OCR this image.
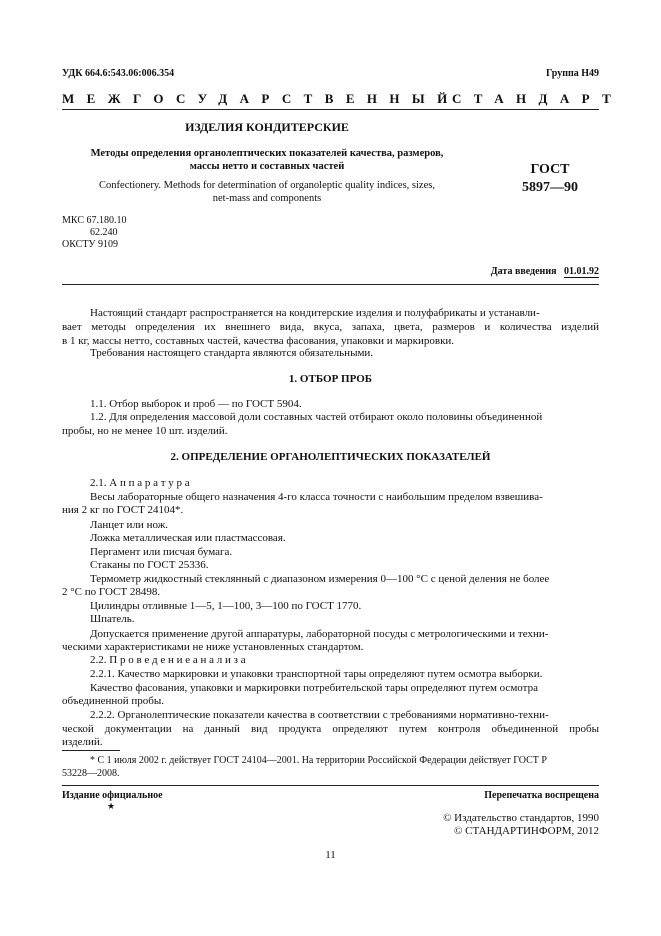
УДК 664.6:543.06:006.354	Группа Н49
МЕЖГОСУДАРСТВЕННЫЙ
СТАНДАРТ
ИЗДЕЛИЯ КОНДИТЕРСКИЕ
Методы определения органолептических показателей качества, размеров,
массы нетто и составных частей
Confectionery. Methods for determination of organoleptic quality indices, sizes,
net-mass and components
ГОСТ
5897—90
МКС 67.180.10
62.240
ОКСТУ 9109
Дата введения 01.01.92
Настоящий стандарт распространяется на кондитерские изделия и полуфабрикаты и устанавли-
вает методы определения их внешнего вида, вкуса, запаха, цвета, размеров и количества изделий
в 1 кг, массы нетто, составных частей, качества фасования, упаковки и маркировки.
Требования настоящего стандарта являются обязательными.
1. ОТБОР ПРОБ
1.1. Отбор выборок и проб — по ГОСТ 5904.
1.2. Для определения массовой доли составных частей отбирают около половины объединенной
пробы, но не менее 10 шт. изделий.
2. ОПРЕДЕЛЕНИЕ ОРГАНОЛЕПТИЧЕСКИХ ПОКАЗАТЕЛЕЙ
2.1. А п п а р а т у р а
Весы лабораторные общего назначения 4-го класса точности с наибольшим пределом взвешива-
ния 2 кг по ГОСТ 24104*.
Ланцет или нож.
Ложка металлическая или пластмассовая.
Пергамент или писчая бумага.
Стаканы по ГОСТ 25336.
Термометр жидкостный стеклянный с диапазоном измерения 0—100 °С с ценой деления не более
2 °С по ГОСТ 28498.
Цилиндры отливные 1—5, 1—100, 3—100 по ГОСТ 1770.
Шпатель.
Допускается применение другой аппаратуры, лабораторной посуды с метрологическими и техни-
ческими характеристиками не ниже установленных стандартом.
2.2. П р о в е д е н и е а н а л и з а
2.2.1. Качество маркировки и упаковки транспортной тары определяют путем осмотра выборки.
Качество фасования, упаковки и маркировки потребительской тары определяют путем осмотра
объединенной пробы.
2.2.2. Органолептические показатели качества в соответствии с требованиями нормативно-техни-
ческой документации на данный вид продукта определяют путем контроля объединенной пробы
изделий.
* С 1 июля 2002 г. действует ГОСТ 24104—2001. На территории Российской Федерации действует ГОСТ Р
53228—2008.
Издание официальное
★
Перепечатка воспрещена
© Издательство стандартов, 1990
© СТАНДАРТИНФОРМ, 2012
11
